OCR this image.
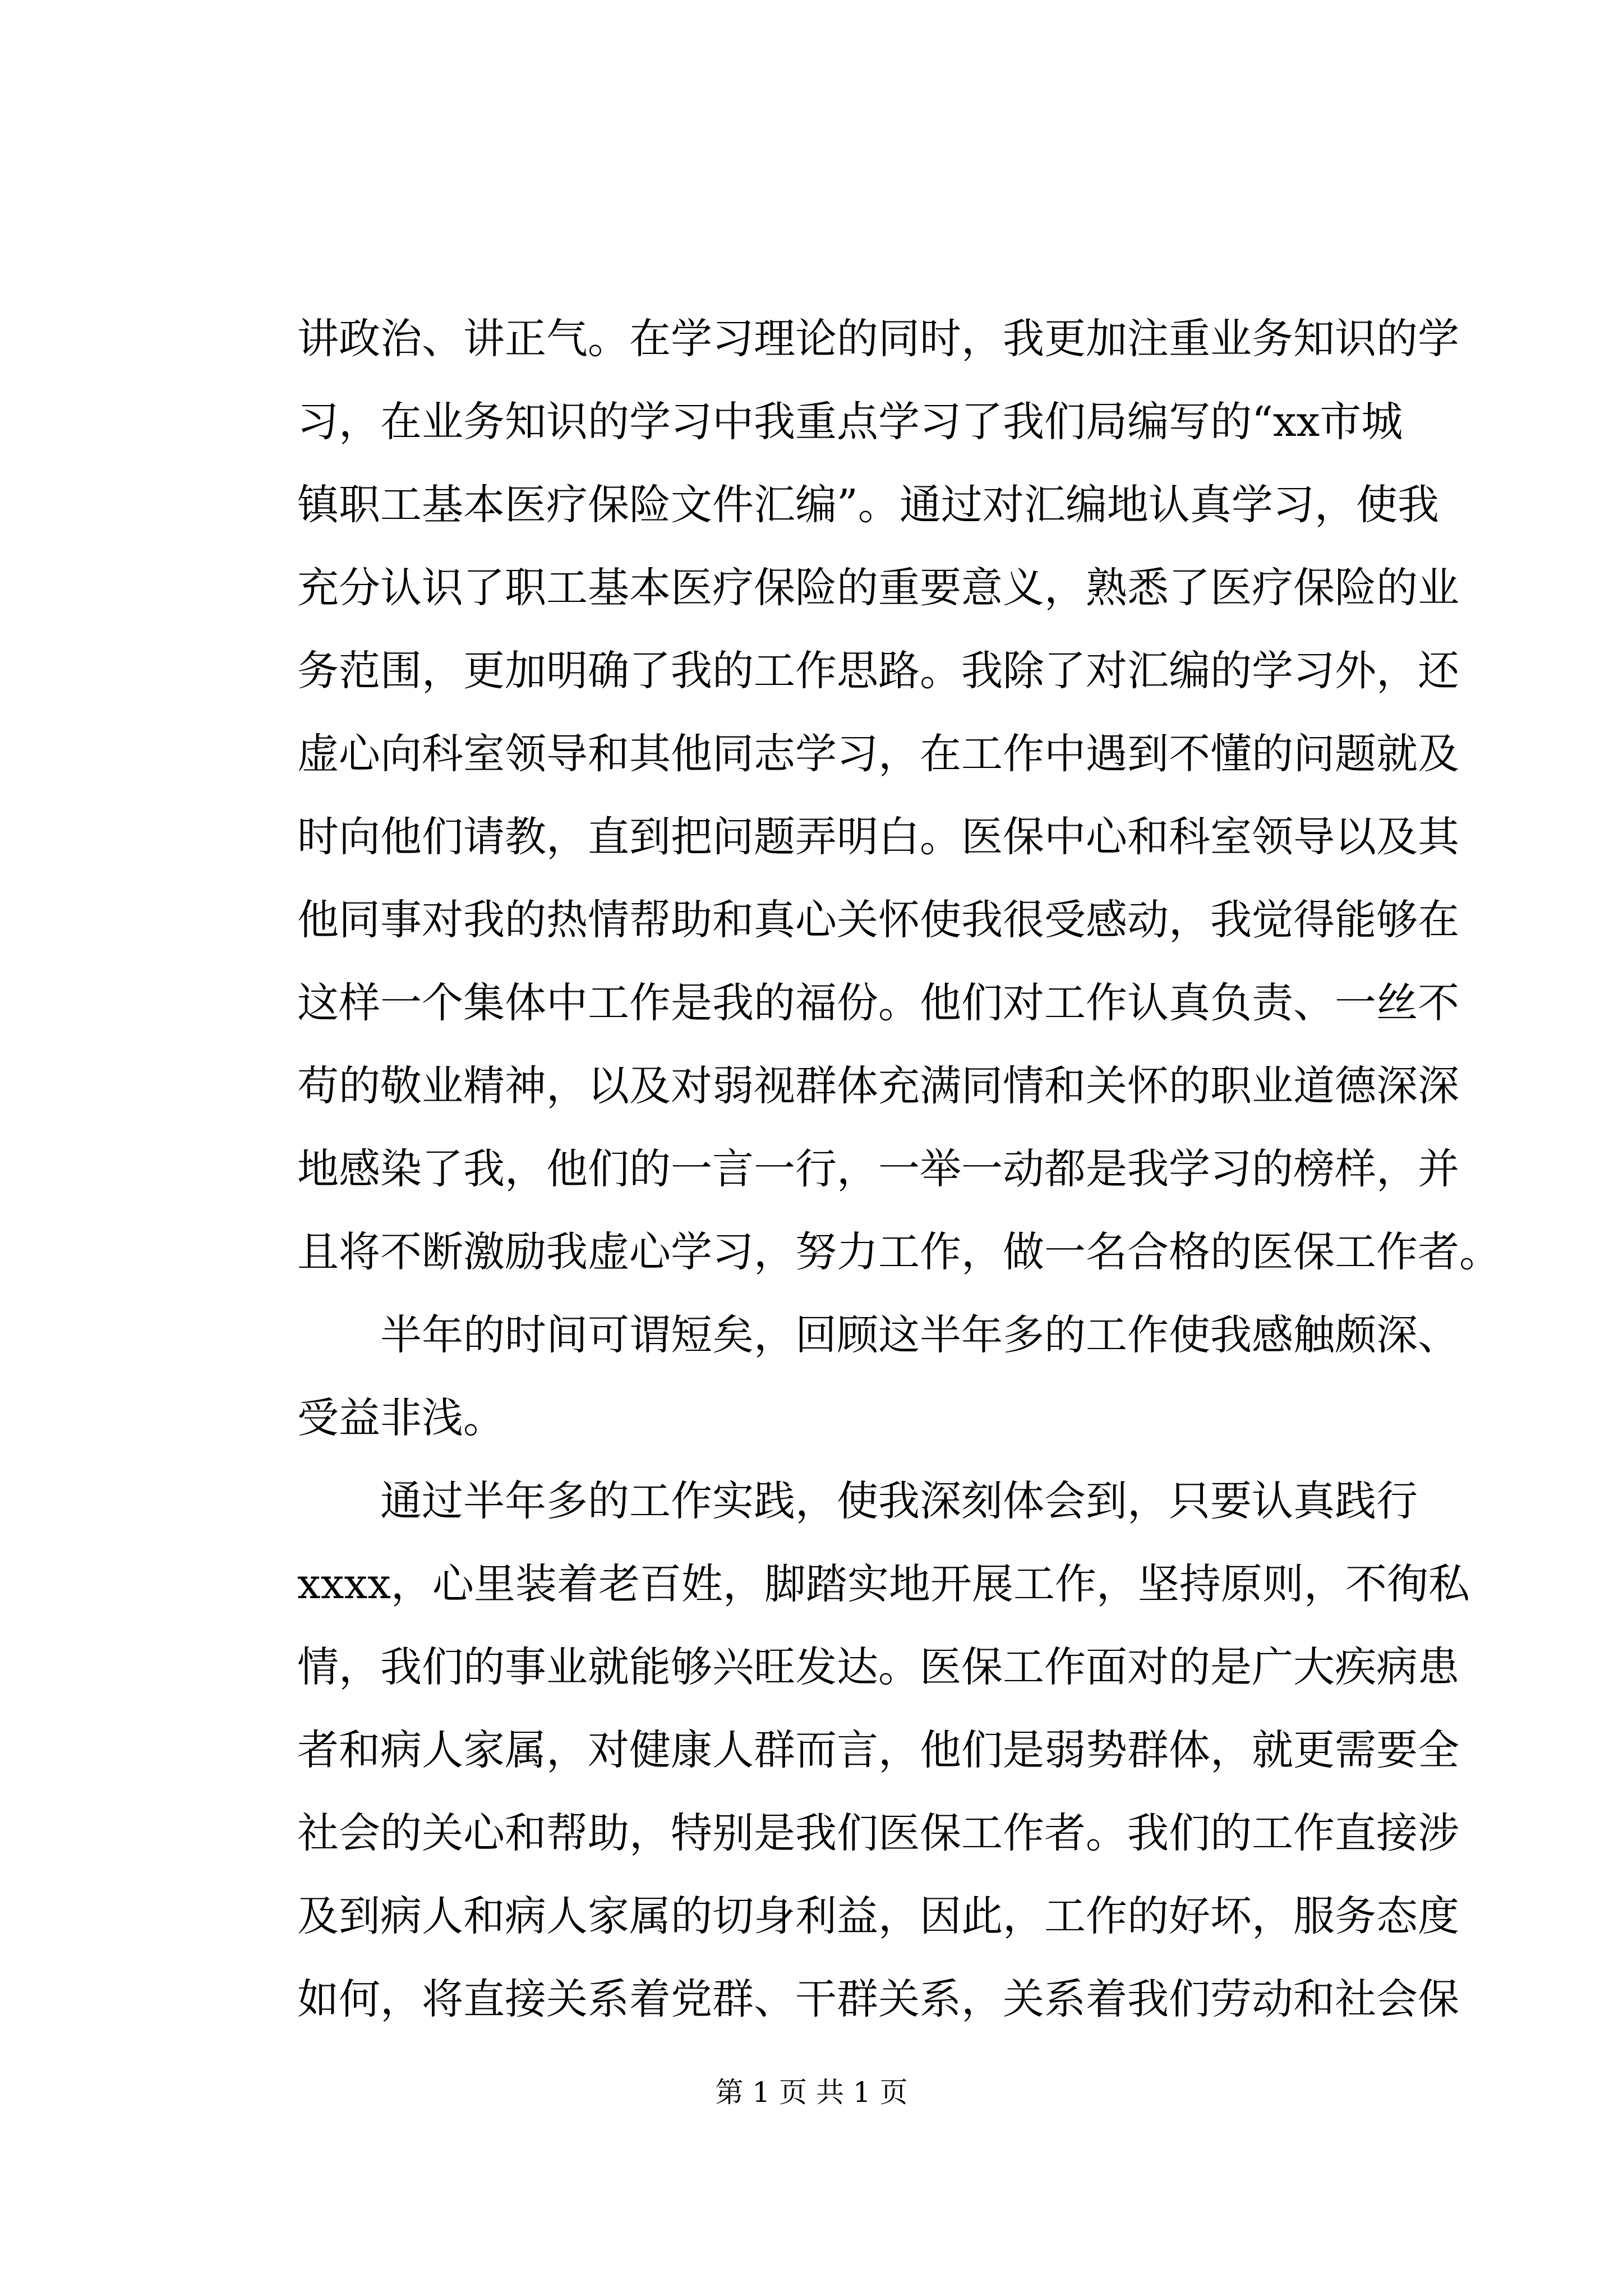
讲政治、讲正气。在学习理论的同时，我更加注重业务知识的学
习，在业务知识的学习中我重点学习了我们局编写的“xx市城
镇职工基本医疗保险文件汇编”。通过对汇编地认真学习，使我
充分认识了职工基本医疗保险的重要意义，熟悉了医疗保险的业
务范围，更加明确了我的工作思路。我除了对汇编的学习外，还
虚心向科室领导和其他同志学习，在工作中遇到不懂的问题就及
时向他们请教，直到把问题弄明白。医保中心和科室领导以及其
他同事对我的热情帮助和真心关怀使我很受感动，我觉得能够在
这样一个集体中工作是我的福份。他们对工作认真负责、一丝不
苟的敬业精神，以及对弱视群体充满同情和关怀的职业道德深深
地感染了我，他们的一言一行，一举一动都是我学习的榜样，并
且将不断激励我虚心学习，努力工作，做一名合格的医保工作者。
　　半年的时间可谓短矣，回顾这半年多的工作使我感触颇深、
受益非浅。
　　通过半年多的工作实践，使我深刻体会到，只要认真践行
xxxx，心里装着老百姓，脚踏实地开展工作，坚持原则，不徇私
情，我们的事业就能够兴旺发达。医保工作面对的是广大疾病患
者和病人家属，对健康人群而言，他们是弱势群体，就更需要全
社会的关心和帮助，特别是我们医保工作者。我们的工作直接涉
及到病人和病人家属的切身利益，因此，工作的好坏，服务态度
如何，将直接关系着党群、干群关系，关系着我们劳动和社会保
第 1 页 共 1 页
